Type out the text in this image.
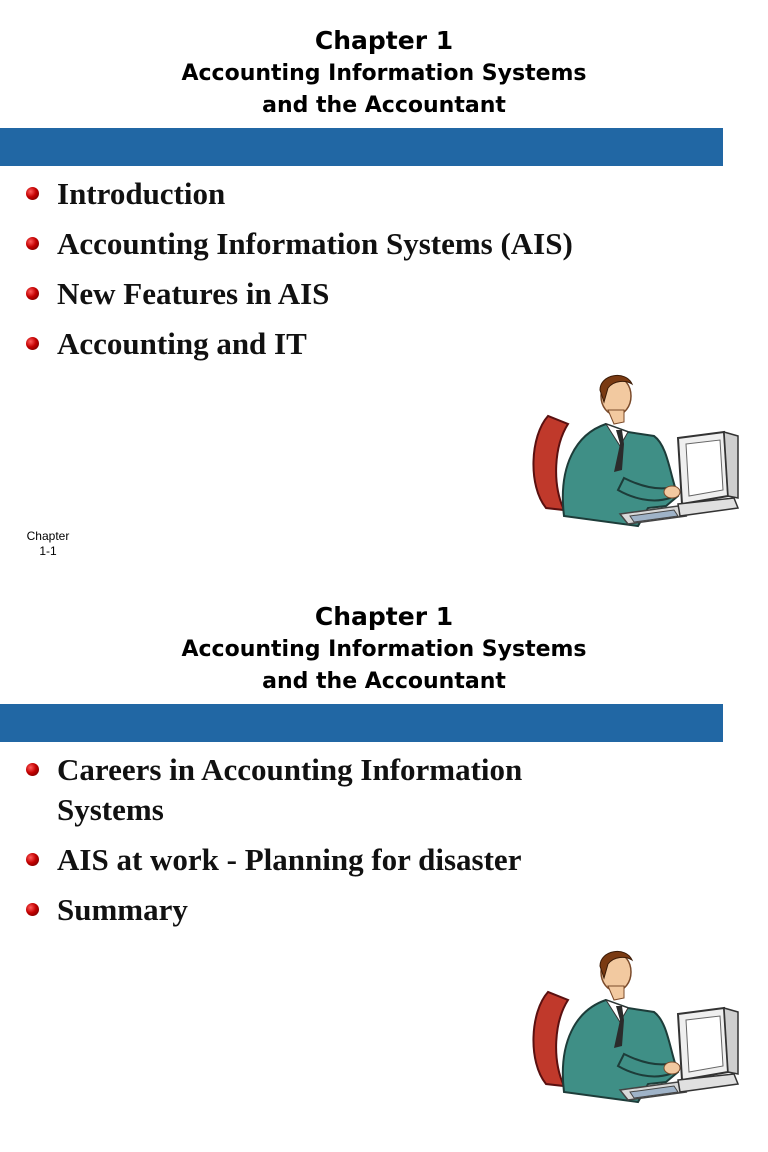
Chapter 1
Accounting Information Systems
and the Accountant
Introduction
Accounting Information Systems (AIS)
New Features in AIS
Accounting and IT
Chapter
1-1
Chapter 1
Accounting Information Systems
and the Accountant
Careers in Accounting Information Systems
AIS at work - Planning for disaster
Summary
